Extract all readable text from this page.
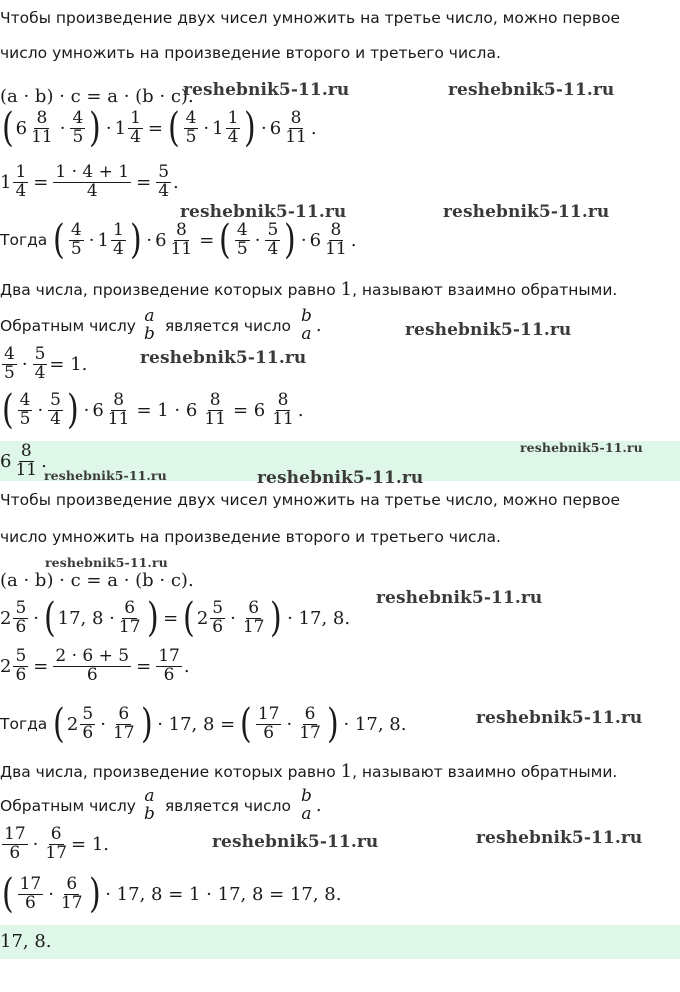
Чтобы произведение двух чисел умножить на третье число, можно первое
число умножить на произведение второго и третьего числа.
(a · b) · c = a · (b · c).
reshebnik5-11.ru	reshebnik5-11.ru
( $6 \frac{8}{11} \cdot \frac{4}{5}$ ) · $1 \frac{1}{4}$ = ( $\frac{4}{5} \cdot 1 \frac{1}{4}$ ) · $6 \frac{8}{11}$ .
$1 \frac{1}{4} = \frac{1 \cdot 4 + 1}{4} = \frac{5}{4}$ .
reshebnik5-11.ru	reshebnik5-11.ru
Тогда ( $\frac{4}{5} \cdot 1 \frac{1}{4}$ ) · $6 \frac{8}{11}$ = ( $\frac{4}{5} \cdot \frac{5}{4}$ ) · $6 \frac{8}{11}$ .
Два числа, произведение которых равно 1, называют взаимно обратными.
Обратным числу a
b является число b
a .	reshebnik5-11.ru
reshebnik5-11.ru
$\frac{4}{5} \cdot \frac{5}{4} = 1$.
( $\frac{4}{5} \cdot \frac{5}{4}$ ) · $6 \frac{8}{11} = 1 \cdot 6 \frac{8}{11} = 6 \frac{8}{11}$ .
$6 \frac{8}{11}$ .
reshebnik5-11.ru
reshebnik5-11.ru
reshebnik5-11.ru
Чтобы произведение двух чисел умножить на третье число, можно первое
число умножить на произведение второго и третьего числа.
reshebnik5-11.ru
(a · b) · c = a · (b · c).
reshebnik5-11.ru
$2 \frac{5}{6}$ · ( 17, $8 \cdot \frac{6}{17}$ ) = ( $2 \frac{5}{6} \cdot \frac{6}{17}$ ) · 17, 8.
$2 \frac{5}{6} = \frac{2 \cdot 6 + 5}{6} = \frac{17}{6}$ .
Тогда ( $2 \frac{5}{6} \cdot \frac{6}{17}$ ) · 17, 8 = ( $\frac{17}{6} \cdot \frac{6}{17}$ ) · 17, 8.	reshebnik5-11.ru
Два числа, произведение которых равно 1, называют взаимно обратными.
Обратным числу a
b является число b
a .
$\frac{17}{6} \cdot \frac{6}{17} = 1$.	reshebnik5-11.ru	reshebnik5-11.ru
( $\frac{17}{6} \cdot \frac{6}{17}$ ) · 17, 8 = 1 · 17, 8 = 17, 8.
17, 8.
